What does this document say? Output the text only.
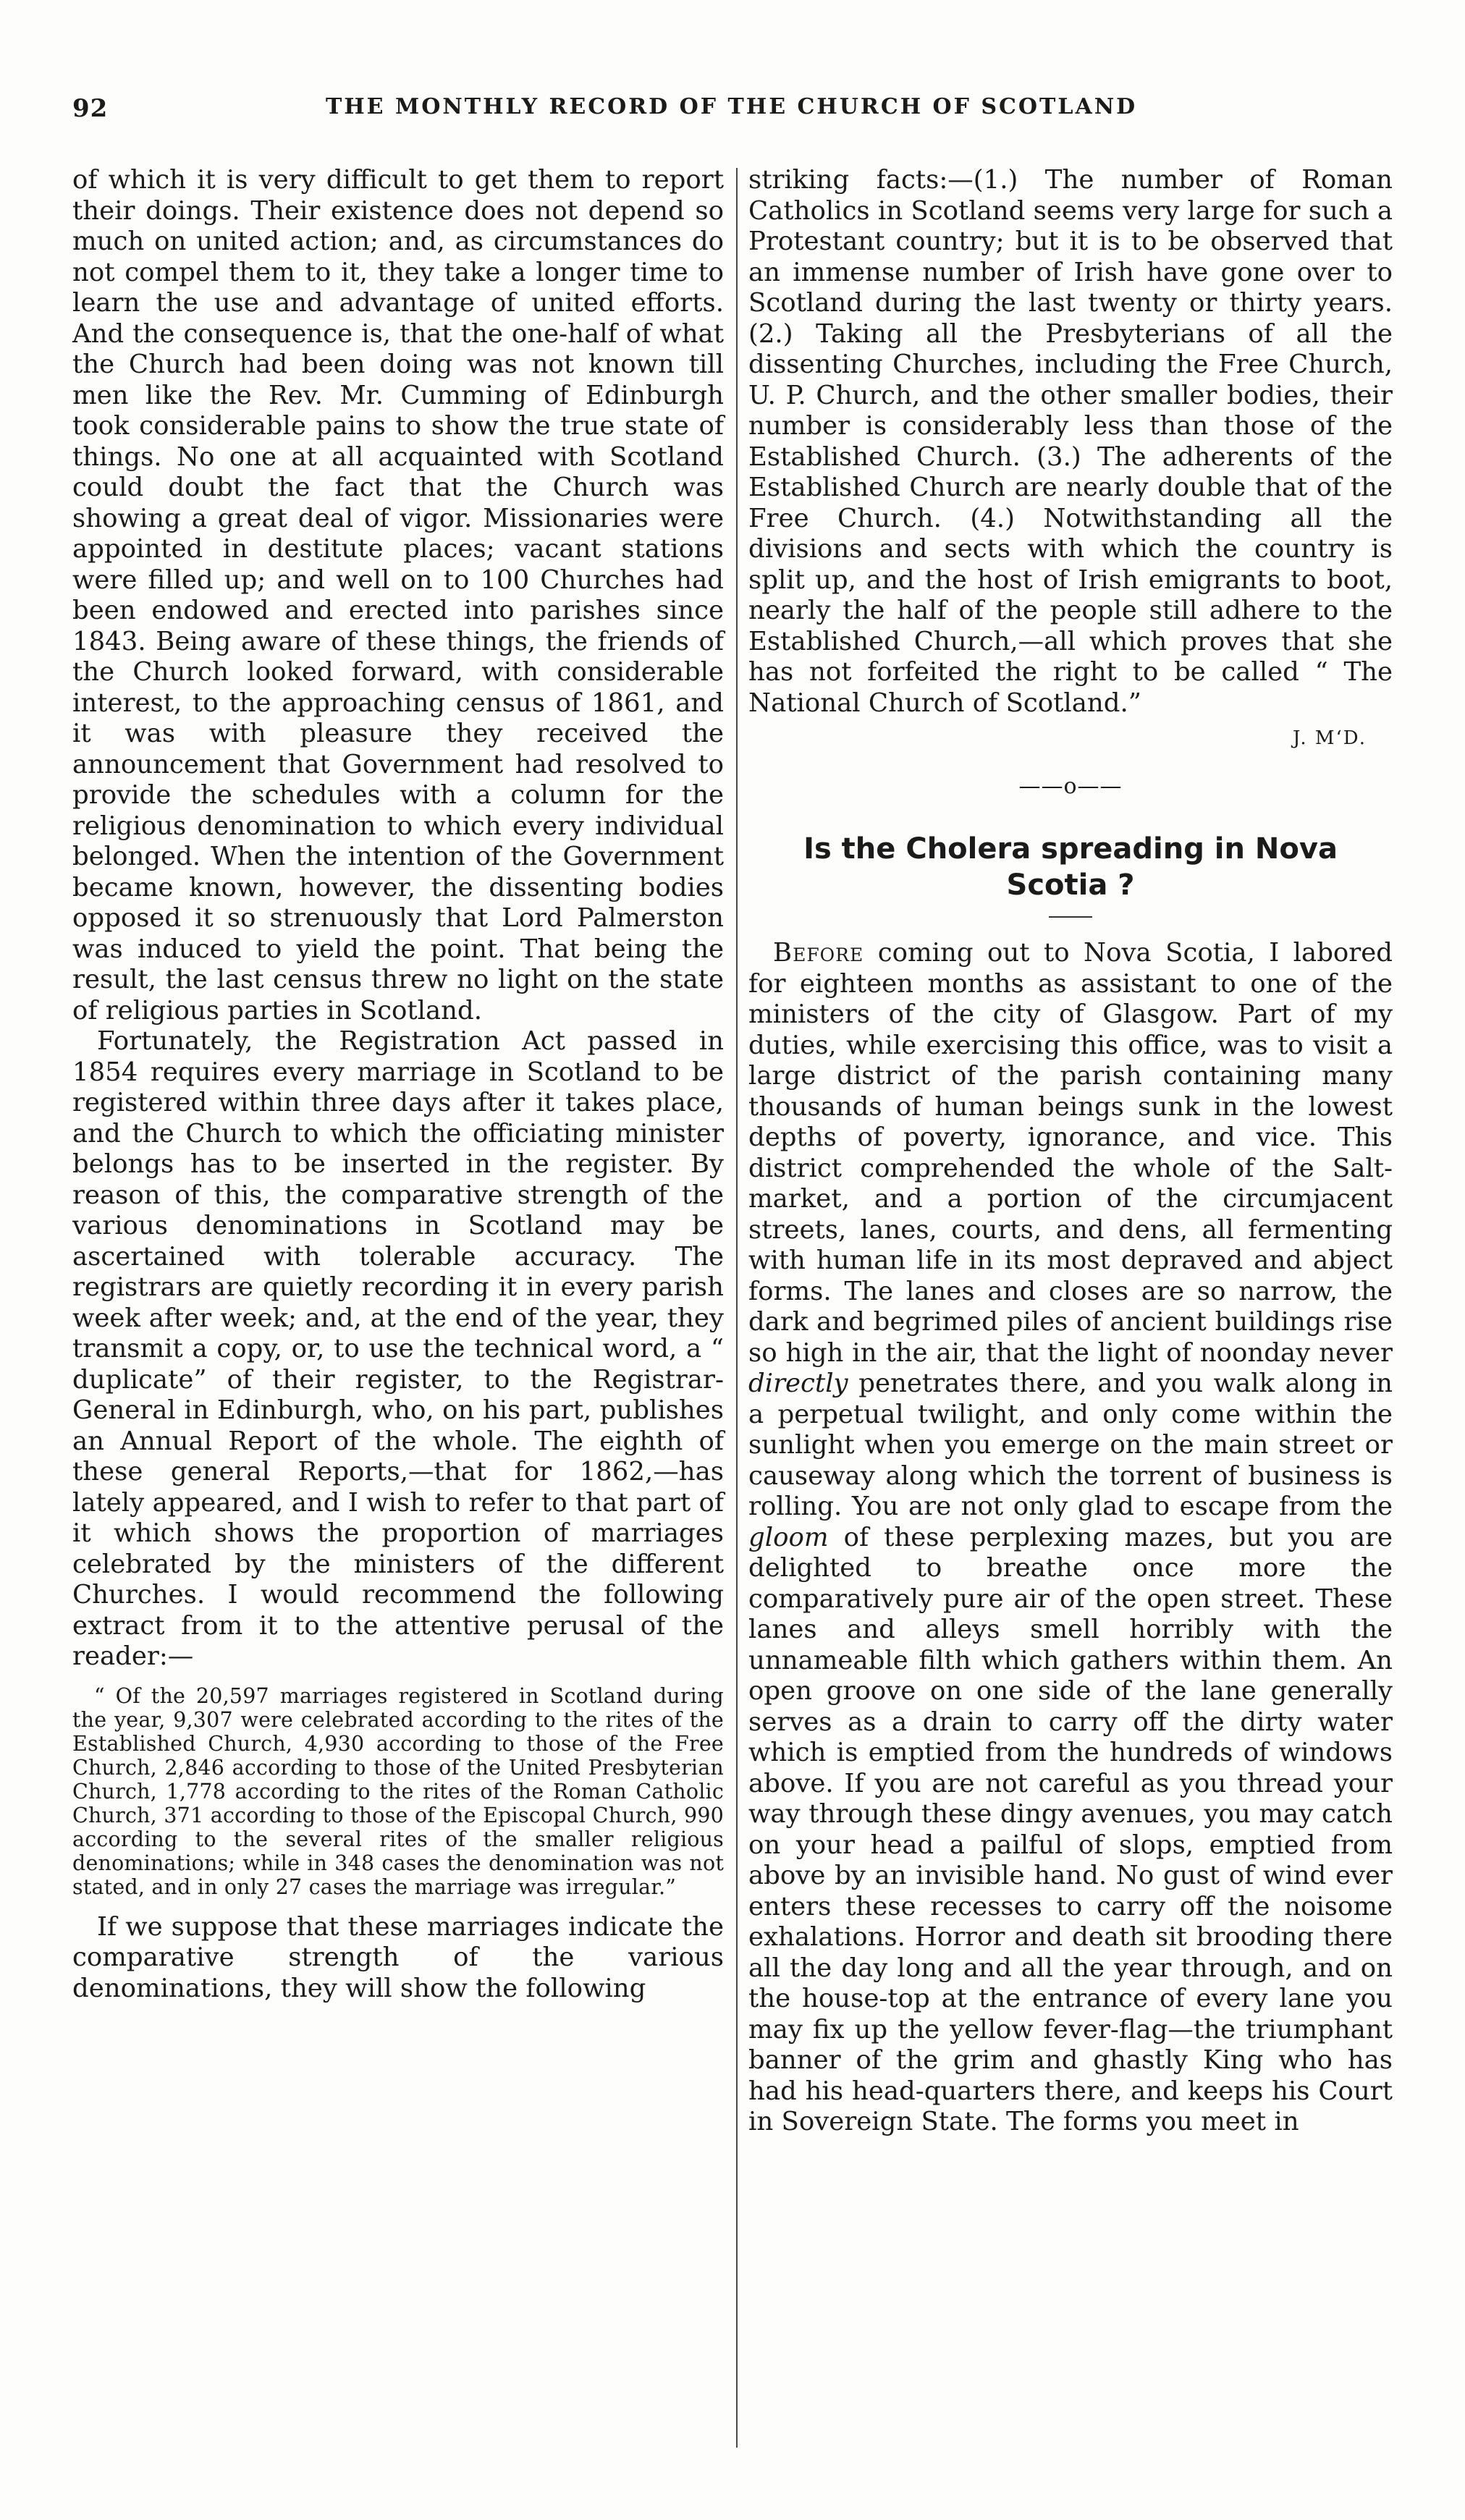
92	THE MONTHLY RECORD OF THE CHURCH OF SCOTLAND

of which it is very difficult to get them to report their doings. Their existence does not depend so much on united action; and, as circumstances do not compel them to it, they take a longer time to learn the use and advantage of united efforts. And the consequence is, that the one-half of what the Church had been doing was not known till men like the Rev. Mr. Cumming of Edinburgh took considerable pains to show the true state of things. No one at all acquainted with Scotland could doubt the fact that the Church was showing a great deal of vigor. Missionaries were appointed in destitute places; vacant stations were filled up; and well on to 100 Churches had been endowed and erected into parishes since 1843. Being aware of these things, the friends of the Church looked forward, with considerable interest, to the approaching census of 1861, and it was with pleasure they received the announcement that Government had resolved to provide the schedules with a column for the religious denomination to which every individual belonged. When the intention of the Government became known, however, the dissenting bodies opposed it so strenuously that Lord Palmerston was induced to yield the point. That being the result, the last census threw no light on the state of religious parties in Scotland.

Fortunately, the Registration Act passed in 1854 requires every marriage in Scotland to be registered within three days after it takes place, and the Church to which the officiating minister belongs has to be inserted in the register. By reason of this, the comparative strength of the various denominations in Scotland may be ascertained with tolerable accuracy. The registrars are quietly recording it in every parish week after week; and, at the end of the year, they transmit a copy, or, to use the technical word, a “ duplicate” of their register, to the Registrar-General in Edinburgh, who, on his part, publishes an Annual Report of the whole. The eighth of these general Reports,—that for 1862,—has lately appeared, and I wish to refer to that part of it which shows the proportion of marriages celebrated by the ministers of the different Churches. I would recommend the following extract from it to the attentive perusal of the reader:—

“ Of the 20,597 marriages registered in Scotland during the year, 9,307 were celebrated according to the rites of the Established Church, 4,930 according to those of the Free Church, 2,846 according to those of the United Presbyterian Church, 1,778 according to the rites of the Roman Catholic Church, 371 according to those of the Episcopal Church, 990 according to the several rites of the smaller religious denominations; while in 348 cases the denomination was not stated, and in only 27 cases the marriage was irregular.”

If we suppose that these marriages indicate the comparative strength of the various denominations, they will show the following

striking facts:—(1.) The number of Roman Catholics in Scotland seems very large for such a Protestant country; but it is to be observed that an immense number of Irish have gone over to Scotland during the last twenty or thirty years. (2.) Taking all the Presbyterians of all the dissenting Churches, including the Free Church, U. P. Church, and the other smaller bodies, their number is considerably less than those of the Established Church. (3.) The adherents of the Established Church are nearly double that of the Free Church. (4.) Notwithstanding all the divisions and sects with which the country is split up, and the host of Irish emigrants to boot, nearly the half of the people still adhere to the Established Church,—all which proves that she has not forfeited the right to be called “ The National Church of Scotland.”

J. M‘D.

——o——

Is the Cholera spreading in Nova Scotia ?

Before coming out to Nova Scotia, I labored for eighteen months as assistant to one of the ministers of the city of Glasgow. Part of my duties, while exercising this office, was to visit a large district of the parish containing many thousands of human beings sunk in the lowest depths of poverty, ignorance, and vice. This district comprehended the whole of the Salt-market, and a portion of the circumjacent streets, lanes, courts, and dens, all fermenting with human life in its most depraved and abject forms. The lanes and closes are so narrow, the dark and begrimed piles of ancient buildings rise so high in the air, that the light of noonday never directly penetrates there, and you walk along in a perpetual twilight, and only come within the sunlight when you emerge on the main street or causeway along which the torrent of business is rolling. You are not only glad to escape from the gloom of these perplexing mazes, but you are delighted to breathe once more the comparatively pure air of the open street. These lanes and alleys smell horribly with the unnameable filth which gathers within them. An open groove on one side of the lane generally serves as a drain to carry off the dirty water which is emptied from the hundreds of windows above. If you are not careful as you thread your way through these dingy avenues, you may catch on your head a pailful of slops, emptied from above by an invisible hand. No gust of wind ever enters these recesses to carry off the noisome exhalations. Horror and death sit brooding there all the day long and all the year through, and on the house-top at the entrance of every lane you may fix up the yellow fever-flag—the triumphant banner of the grim and ghastly King who has had his head-quarters there, and keeps his Court in Sovereign State. The forms you meet in
